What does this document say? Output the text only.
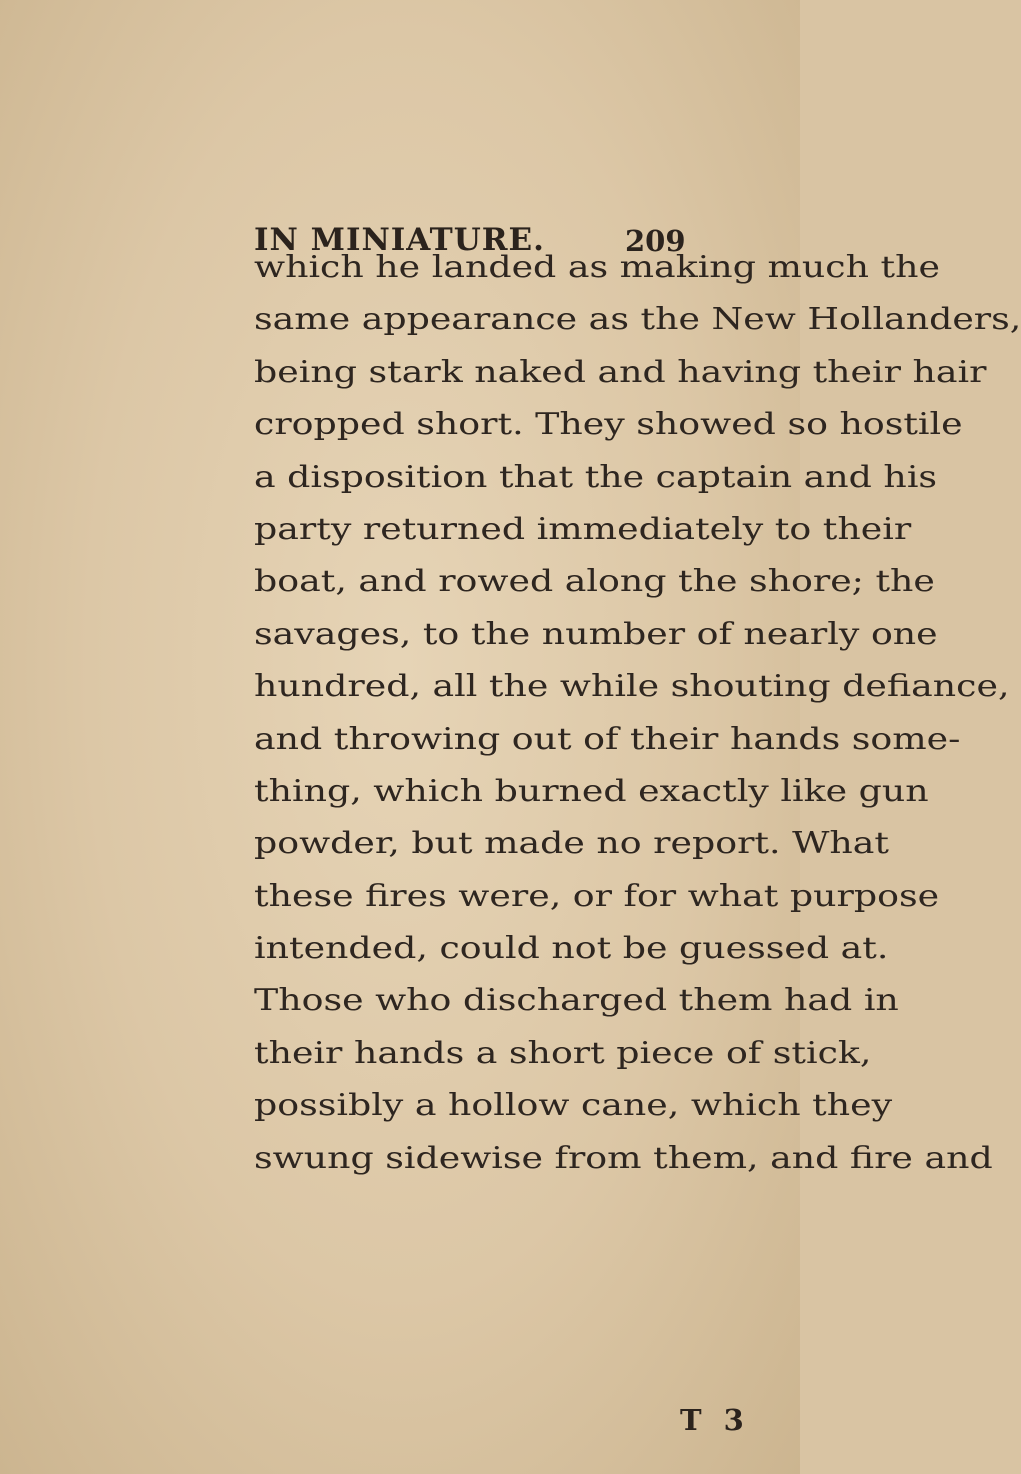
IN MINIATURE.	209
which he landed as making much the
same appearance as the New Hollanders,
being stark naked and having their hair
cropped short. They showed so hostile
a disposition that the captain and his
party returned immediately to their
boat, and rowed along the shore; the
savages, to the number of nearly one
hundred, all the while shouting defiance,
and throwing out of their hands some-
thing, which burned exactly like gun
powder, but made no report. What
these fires were, or for what purpose
intended, could not be guessed at.
Those who discharged them had in
their hands a short piece of stick,
possibly a hollow cane, which they
swung sidewise from them, and fire and
T 3
